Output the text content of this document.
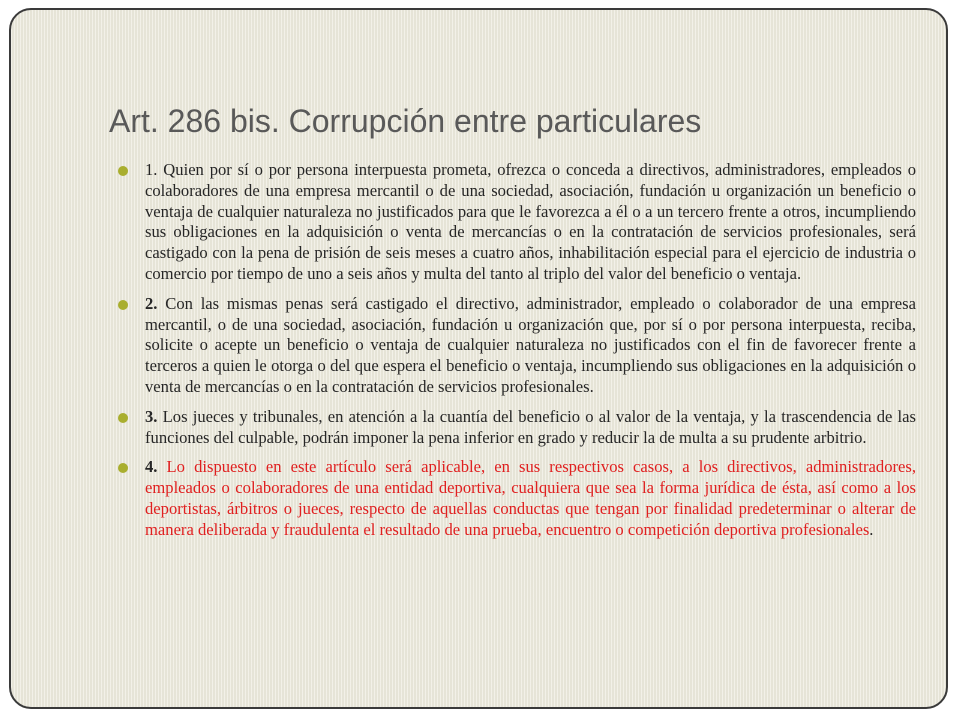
Art. 286 bis. Corrupción entre particulares
1. Quien por sí o por persona interpuesta prometa, ofrezca o conceda a directivos, administradores, empleados o colaboradores de una empresa mercantil o de una sociedad, asociación, fundación u organización un beneficio o ventaja de cualquier naturaleza no justificados para que le favorezca a él o a un tercero frente a otros, incumpliendo sus obligaciones en la adquisición o venta de mercancías o en la contratación de servicios profesionales, será castigado con la pena de prisión de seis meses a cuatro años, inhabilitación especial para el ejercicio de industria o comercio por tiempo de uno a seis años y multa del tanto al triplo del valor del beneficio o ventaja.
2. Con las mismas penas será castigado el directivo, administrador, empleado o colaborador de una empresa mercantil, o de una sociedad, asociación, fundación u organización que, por sí o por persona interpuesta, reciba, solicite o acepte un beneficio o ventaja de cualquier naturaleza no justificados con el fin de favorecer frente a terceros a quien le otorga o del que espera el beneficio o ventaja, incumpliendo sus obligaciones en la adquisición o venta de mercancías o en la contratación de servicios profesionales.
3. Los jueces y tribunales, en atención a la cuantía del beneficio o al valor de la ventaja, y la trascendencia de las funciones del culpable, podrán imponer la pena inferior en grado y reducir la de multa a su prudente arbitrio.
4. Lo dispuesto en este artículo será aplicable, en sus respectivos casos, a los directivos, administradores, empleados o colaboradores de una entidad deportiva, cualquiera que sea la forma jurídica de ésta, así como a los deportistas, árbitros o jueces, respecto de aquellas conductas que tengan por finalidad predeterminar o alterar de manera deliberada y fraudulenta el resultado de una prueba, encuentro o competición deportiva profesionales.
